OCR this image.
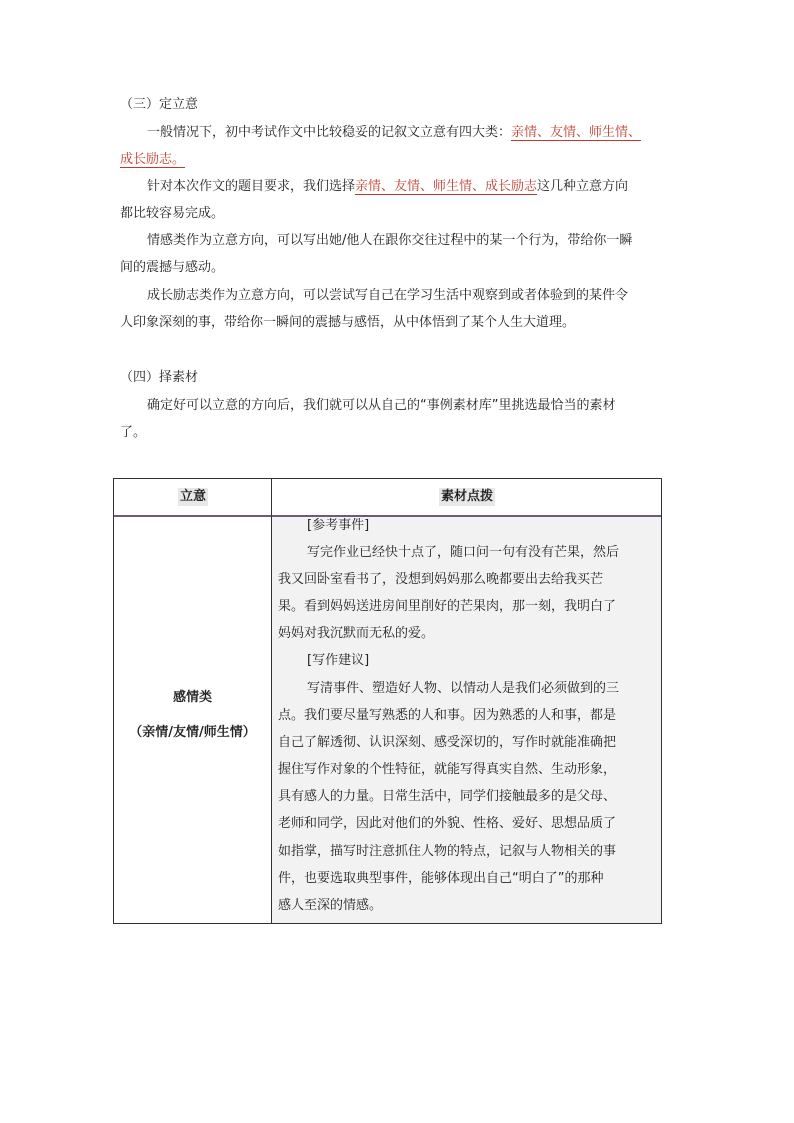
（三）定立意
一般情况下，初中考试作文中比较稳妥的记叙文立意有四大类：亲情、友情、师生情、
成长励志。
针对本次作文的题目要求，我们选择亲情、友情、师生情、成长励志这几种立意方向
都比较容易完成。
情感类作为立意方向，可以写出她/他人在跟你交往过程中的某一个行为，带给你一瞬
间的震撼与感动。
成长励志类作为立意方向，可以尝试写自己在学习生活中观察到或者体验到的某件令
人印象深刻的事，带给你一瞬间的震撼与感悟，从中体悟到了某个人生大道理。
（四）择素材
确定好可以立意的方向后，我们就可以从自己的“事例素材库”里挑选最恰当的素材
了。
立意	素材点拨
感情类
（亲情/友情/师生情）
[参考事件]
写完作业已经快十点了，随口问一句有没有芒果，然后
我又回卧室看书了，没想到妈妈那么晚都要出去给我买芒
果。看到妈妈送进房间里削好的芒果肉，那一刻，我明白了
妈妈对我沉默而无私的爱。
[写作建议]
写清事件、塑造好人物、以情动人是我们必须做到的三
点。我们要尽量写熟悉的人和事。因为熟悉的人和事，都是
自己了解透彻、认识深刻、感受深切的，写作时就能准确把
握住写作对象的个性特征，就能写得真实自然、生动形象，
具有感人的力量。日常生活中，同学们接触最多的是父母、
老师和同学，因此对他们的外貌、性格、爱好、思想品质了
如指掌，描写时注意抓住人物的特点，记叙与人物相关的事
件，也要选取典型事件，能够体现出自己“明白了”的那种
感人至深的情感。
